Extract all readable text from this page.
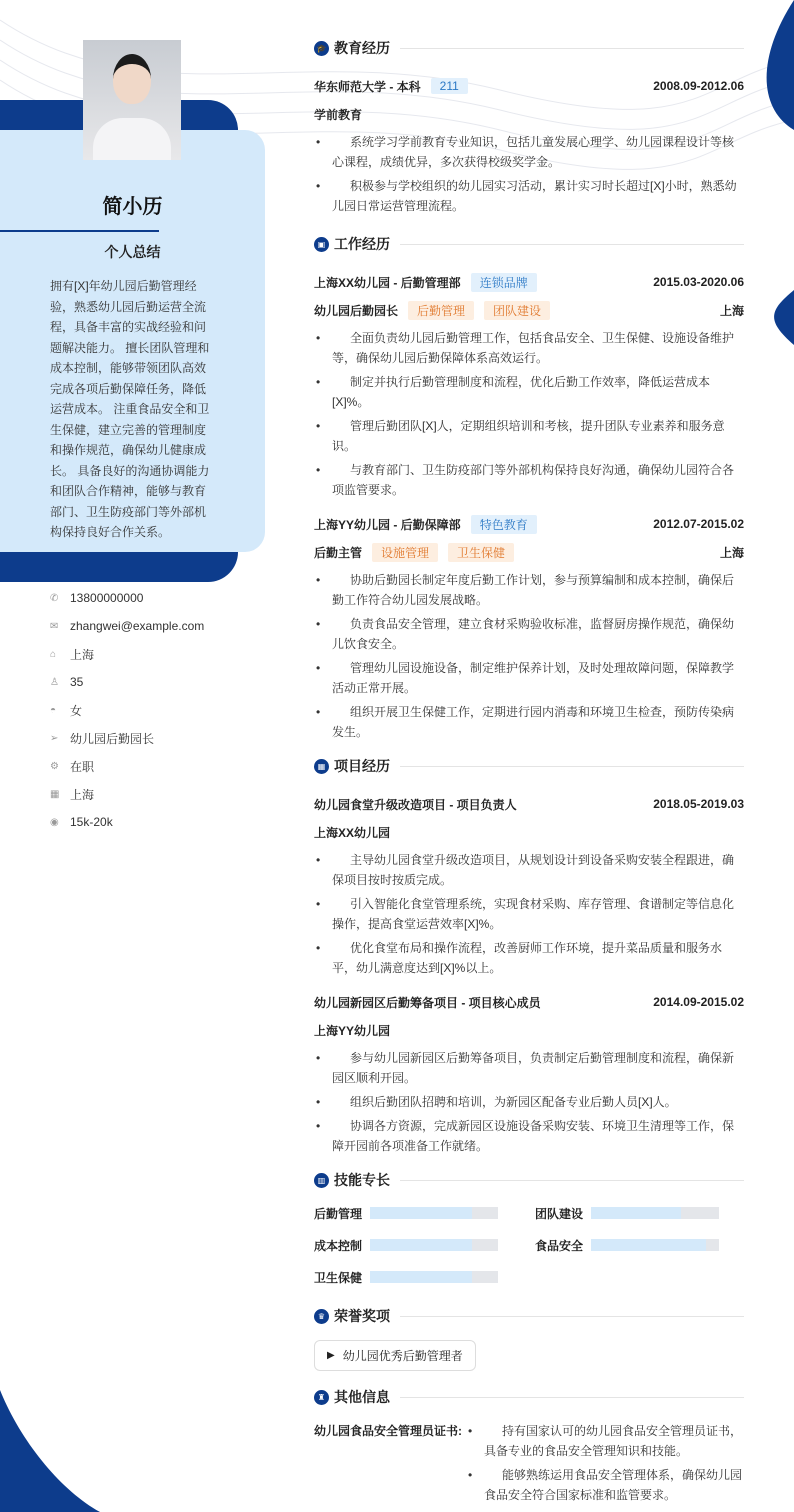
简小历
个人总结
拥有[X]年幼儿园后勤管理经验，熟悉幼儿园后勤运营全流程，具备丰富的实战经验和问题解决能力。 擅长团队管理和成本控制，能够带领团队高效完成各项后勤保障任务，降低运营成本。 注重食品安全和卫生保健，建立完善的管理制度和操作规范，确保幼儿健康成长。 具备良好的沟通协调能力和团队合作精神，能够与教育部门、卫生防疫部门等外部机构保持良好合作关系。
✆ 13800000000
✉ zhangwei@example.com
⌂	上海
♙ 35
◓	女
➢ 幼儿园后勤园长
⚙ 在职
▦ 上海
◉ 15k-20k
🎓 教育经历
华东师范大学 - 本科	211	2008.09-2012.06
学前教育
• 系统学习学前教育专业知识，包括儿童发展心理学、幼儿园课程设计等核心课程，成绩优异，多次获得校级奖学金。
• 积极参与学校组织的幼儿园实习活动，累计实习时长超过[X]小时，熟悉幼儿园日常运营管理流程。
▣ 工作经历
上海XX幼儿园 - 后勤管理部	连锁品牌	2015.03-2020.06
幼儿园后勤园长	后勤管理	团队建设	上海
• 全面负责幼儿园后勤管理工作，包括食品安全、卫生保健、设施设备维护等，确保幼儿园后勤保障体系高效运行。
• 制定并执行后勤管理制度和流程，优化后勤工作效率，降低运营成本[X]%。
• 管理后勤团队[X]人，定期组织培训和考核，提升团队专业素养和服务意识。
• 与教育部门、卫生防疫部门等外部机构保持良好沟通，确保幼儿园符合各项监管要求。
上海YY幼儿园 - 后勤保障部	特色教育	2012.07-2015.02
后勤主管	设施管理	卫生保健	上海
• 协助后勤园长制定年度后勤工作计划，参与预算编制和成本控制，确保后勤工作符合幼儿园发展战略。
• 负责食品安全管理，建立食材采购验收标准，监督厨房操作规范，确保幼儿饮食安全。
• 管理幼儿园设施设备，制定维护保养计划，及时处理故障问题，保障教学活动正常开展。
• 组织开展卫生保健工作，定期进行园内消毒和环境卫生检查，预防传染病发生。
▦ 项目经历
幼儿园食堂升级改造项目 - 项目负责人	2018.05-2019.03
上海XX幼儿园
• 主导幼儿园食堂升级改造项目，从规划设计到设备采购安装全程跟进，确保项目按时按质完成。
• 引入智能化食堂管理系统，实现食材采购、库存管理、食谱制定等信息化操作，提高食堂运营效率[X]%。
• 优化食堂布局和操作流程，改善厨师工作环境，提升菜品质量和服务水平，幼儿满意度达到[X]%以上。
幼儿园新园区后勤筹备项目 - 项目核心成员	2014.09-2015.02
上海YY幼儿园
• 参与幼儿园新园区后勤筹备项目，负责制定后勤管理制度和流程，确保新园区顺利开园。
• 组织后勤团队招聘和培训，为新园区配备专业后勤人员[X]人。
• 协调各方资源，完成新园区设施设备采购安装、环境卫生清理等工作，保障开园前各项准备工作就绪。
▥ 技能专长
后勤管理	团队建设
成本控制	食品安全
卫生保健
♛ 荣誉奖项
▶ 幼儿园优秀后勤管理者
♜ 其他信息
幼儿园食品安全管理员证书:	• 持有国家认可的幼儿园食品安全管理员证书，具备专业的食品安全管理知识和技能。
• 能够熟练运用食品安全管理体系，确保幼儿园食品安全符合国家标准和监管要求。
